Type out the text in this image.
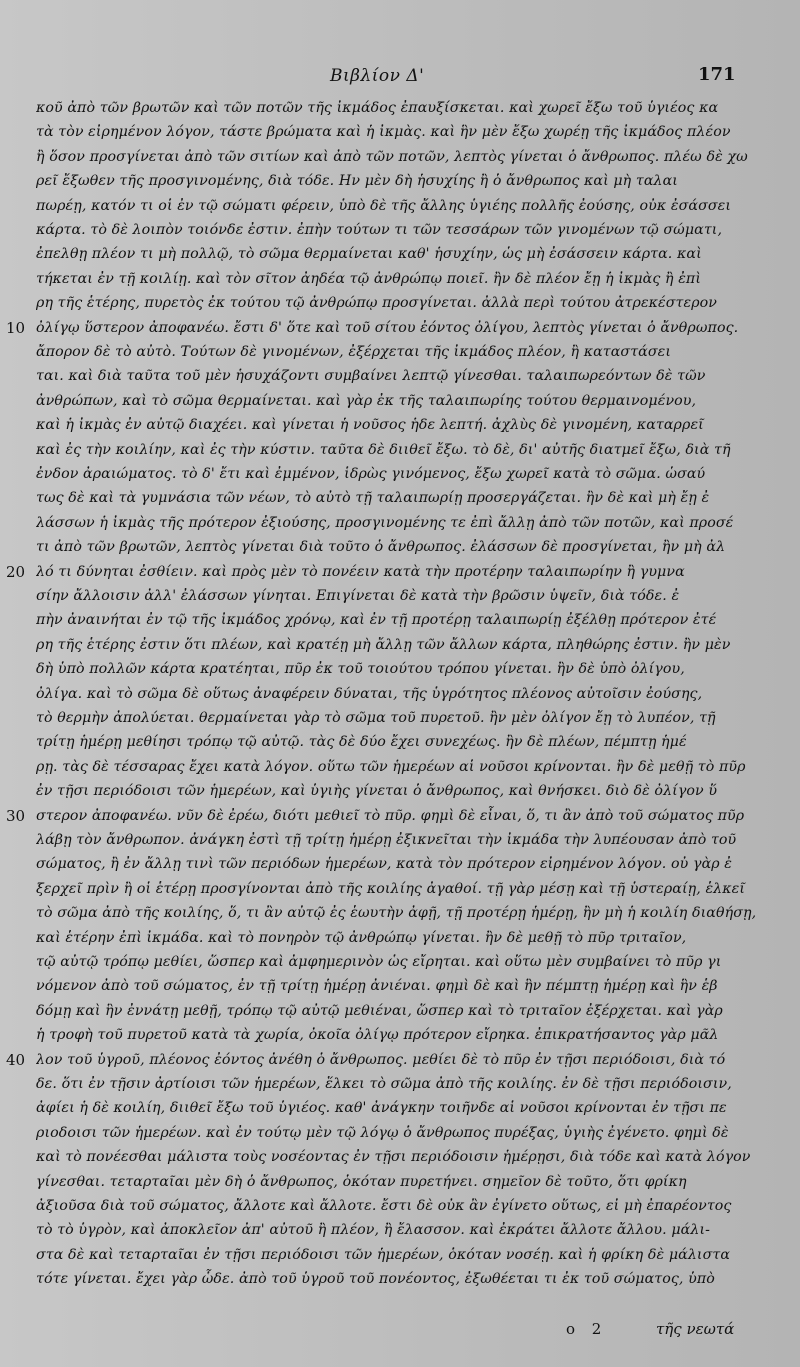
Βιβλίον Δ'	171
κοῦ ἀπὸ τῶν βρωτῶν καὶ τῶν ποτῶν τῆς ἰκμάδος ἐπαυξίσκεται. καὶ χωρεῖ ἔξω τοῦ ὑγιέος κα
τὰ τὸν εἰρημένον λόγον, τάστε βρώματα καὶ ἡ ἰκμὰς. καὶ ἣν μὲν ἔξω χωρέῃ τῆς ἰκμάδος πλέον
ἢ ὅσον προσγίνεται ἀπὸ τῶν σιτίων καὶ ἀπὸ τῶν ποτῶν, λεπτὸς γίνεται ὁ ἄνθρωπος. πλέω δὲ χω
ρεῖ ἔξωθεν τῆς προσγινομένης, διὰ τόδε. Ην μὲν δὴ ἡσυχίης ἢ ὁ ἄνθρωπος καὶ μὴ ταλαι
πωρέῃ, κατόν τι οἱ ἐν τῷ σώματι φέρειν, ὑπὸ δὲ τῆς ἄλλης ὑγιέης πολλῆς ἐούσης, οὐκ ἐσάσσει
κάρτα. τὸ δὲ λοιπὸν τοιόνδε ἐστιν. ἐπὴν τούτων τι τῶν τεσσάρων τῶν γινομένων τῷ σώματι,
ἐπελθῃ πλέον τι μὴ πολλῷ, τὸ σῶμα θερμαίνεται καθ' ἡσυχίην, ὡς μὴ ἐσάσσειν κάρτα. καὶ
τήκεται ἐν τῇ κοιλίῃ. καὶ τὸν σῖτον ἀηδέα τῷ ἀνθρώπῳ ποιεῖ. ἢν δὲ πλέον ἔῃ ἡ ἰκμὰς ἢ ἐπὶ
ρη τῆς ἑτέρης, πυρετὸς ἐκ τούτου τῷ ἀνθρώπῳ προσγίνεται. ἀλλὰ περὶ τούτου ἀτρεκέστερον
ὀλίγῳ ὕστερον ἀποφανέω. ἔστι δ' ὅτε καὶ τοῦ σίτου ἐόντος ὀλίγου, λεπτὸς γίνεται ὁ ἄνθρωπος.
ἄπορον δὲ τὸ αὐτὸ. Τούτων δὲ γινομένων, ἐξέρχεται τῆς ἰκμάδος πλέον, ἢ καταστάσει
ται. καὶ διὰ ταῦτα τοῦ μὲν ἡσυχάζοντι συμβαίνει λεπτῷ γίνεσθαι. ταλαιπωρεόντων δὲ τῶν
ἀνθρώπων, καὶ τὸ σῶμα θερμαίνεται. καὶ γὰρ ἐκ τῆς ταλαιπωρίης τούτου θερμαινομένου,
καὶ ἡ ἰκμὰς ἐν αὐτῷ διαχέει. καὶ γίνεται ἡ νοῦσος ἡδε λεπτή. ἀχλὺς δὲ γινομένη, καταρρεῖ
καὶ ἐς τὴν κοιλίην, καὶ ἐς τὴν κύστιν. ταῦτα δὲ διιθεῖ ἔξω. τὸ δὲ, δι' αὐτῆς διατμεῖ ἔξω, διὰ τῆ
ἐνδον ἀραιώματος. τὸ δ' ἔτι καὶ ἐμμένον, ἱδρὼς γινόμενος, ἔξω χωρεῖ κατὰ τὸ σῶμα. ὡσαύ
τως δὲ καὶ τὰ γυμνάσια τῶν νέων, τὸ αὐτὸ τῇ ταλαιπωρίῃ προσεργάζεται. ἢν δὲ καὶ μὴ ἔῃ ἐ
λάσσων ἡ ἰκμὰς τῆς πρότερον ἐξιούσης, προσγινομένης τε ἐπὶ ἄλλῃ ἀπὸ τῶν ποτῶν, καὶ προσέ
τι ἀπὸ τῶν βρωτῶν, λεπτὸς γίνεται διὰ τοῦτο ὁ ἄνθρωπος. ἐλάσσων δὲ προσγίνεται, ἢν μὴ ἀλ
λό τι δύνηται ἐσθίειν. καὶ πρὸς μὲν τὸ πονέειν κατὰ τὴν προτέρην ταλαιπωρίην ἢ γυμνα
σίην ἄλλοισιν ἀλλ' ἐλάσσων γίνηται. Επιγίνεται δὲ κατὰ τὴν βρῶσιν ὑψεῖν, διὰ τόδε. ἐ
πὴν ἀναινήται ἐν τῷ τῆς ἰκμάδος χρόνῳ, καὶ ἐν τῇ προτέρῃ ταλαιπωρίῃ ἐξέλθῃ πρότερον ἐτέ
ρη τῆς ἑτέρης ἐστιν ὅτι πλέων, καὶ κρατέῃ μὴ ἄλλῃ τῶν ἄλλων κάρτα, πληθώρης ἐστιν. ἢν μὲν
δὴ ὑπὸ πολλῶν κάρτα κρατέηται, πῦρ ἐκ τοῦ τοιούτου τρόπου γίνεται. ἢν δὲ ὑπὸ ὀλίγου,
ὀλίγα. καὶ τὸ σῶμα δὲ οὕτως ἀναφέρειν δύναται, τῆς ὑγρότητος πλέονος αὐτοῖσιν ἐούσης,
τὸ θερμὴν ἀπολύεται. θερμαίνεται γὰρ τὸ σῶμα τοῦ πυρετοῦ. ἢν μὲν ὀλίγον ἔῃ τὸ λυπέον, τῇ
τρίτῃ ἡμέρῃ μεθίησι τρόπῳ τῷ αὐτῷ. τὰς δὲ δύο ἔχει συνεχέως. ἢν δὲ πλέων, πέμπτῃ ἡμέ
ρῃ. τὰς δὲ τέσσαρας ἔχει κατὰ λόγον. οὕτω τῶν ἡμερέων αἱ νοῦσοι κρίνονται. ἢν δὲ μεθῇ τὸ πῦρ
ἐν τῇσι περιόδοισι τῶν ἡμερέων, καὶ ὑγιὴς γίνεται ὁ ἄνθρωπος, καὶ θνήσκει. διὸ δὲ ὀλίγον ὕ
στερον ἀποφανέω. νῦν δὲ ἐρέω, διότι μεθιεῖ τὸ πῦρ. φημὶ δὲ εἶναι, ὅ, τι ἂν ἀπὸ τοῦ σώματος πῦρ
λάβῃ τὸν ἄνθρωπον. ἀνάγκη ἐστὶ τῇ τρίτῃ ἡμέρῃ ἐξικνεῖται τὴν ἰκμάδα τὴν λυπέουσαν ἀπὸ τοῦ
σώματος, ἢ ἐν ἄλλῃ τινὶ τῶν περιόδων ἡμερέων, κατὰ τὸν πρότερον εἰρημένον λόγον. οὐ γὰρ ἐ
ξερχεῖ πρὶν ἢ οἱ ἑτέρῃ προσγίνονται ἀπὸ τῆς κοιλίης ἀγαθοί. τῇ γὰρ μέσῃ καὶ τῇ ὑστεραίῃ, ἑλκεῖ
τὸ σῶμα ἀπὸ τῆς κοιλίης, ὅ, τι ἂν αὐτῷ ἐς ἑωυτὴν ἀφῇ, τῇ προτέρῃ ἡμέρῃ, ἢν μὴ ἡ κοιλίη διαθήσῃ,
καὶ ἑτέρην ἐπὶ ἰκμάδα. καὶ τὸ πονηρὸν τῷ ἀνθρώπῳ γίνεται. ἢν δὲ μεθῇ τὸ πῦρ τριταῖον,
τῷ αὐτῷ τρόπῳ μεθίει, ὥσπερ καὶ ἀμφημερινὸν ὡς εἴρηται. καὶ οὕτω μὲν συμβαίνει τὸ πῦρ γι
νόμενον ἀπὸ τοῦ σώματος, ἐν τῇ τρίτῃ ἡμέρῃ ἀνιέναι. φημὶ δὲ καὶ ἣν πέμπτῃ ἡμέρῃ καὶ ἣν ἑβ
δόμῃ καὶ ἣν ἐννάτῃ μεθῇ, τρόπῳ τῷ αὐτῷ μεθιέναι, ὥσπερ καὶ τὸ τριταῖον ἐξέρχεται. καὶ γὰρ
ἡ τροφὴ τοῦ πυρετοῦ κατὰ τὰ χωρία, ὀκοῖα ὀλίγῳ πρότερον εἴρηκα. ἐπικρατήσαντος γὰρ μᾶλ
λον τοῦ ὑγροῦ, πλέονος ἐόντος ἀνέθη ὁ ἄνθρωπος. μεθίει δὲ τὸ πῦρ ἐν τῇσι περιόδοισι, διὰ τό
δε. ὅτι ἐν τῇσιν ἀρτίοισι τῶν ἡμερέων, ἕλκει τὸ σῶμα ἀπὸ τῆς κοιλίης. ἐν δὲ τῇσι περιόδοισιν,
ἀφίει ἡ δὲ κοιλίη, διιθεῖ ἔξω τοῦ ὑγιέος. καθ' ἀνάγκην τοιῆνδε αἱ νοῦσοι κρίνονται ἐν τῇσι πε
ριοδοισι τῶν ἡμερέων. καὶ ἐν τούτῳ μὲν τῷ λόγῳ ὁ ἄνθρωπος πυρέξας, ὑγιὴς ἐγένετο. φημὶ δὲ
καὶ τὸ πονέεσθαι μάλιστα τοὺς νοσέοντας ἐν τῇσι περιόδοισιν ἡμέρῃσι, διὰ τόδε καὶ κατὰ λόγον
γίνεσθαι. τεταρταῖαι μὲν δὴ ὁ ἄνθρωπος, ὁκόταν πυρετήνει. σημεῖον δὲ τοῦτο, ὅτι φρίκη
ἀξιοῦσα διὰ τοῦ σώματος, ἄλλοτε καὶ ἄλλοτε. ἔστι δὲ οὐκ ἂν ἐγίνετο οὕτως, εἰ μὴ ἐπαρέοντος
τὸ τὸ ὑγρὸν, καὶ ἀποκλεῖον ἀπ' αὐτοῦ ἢ πλέον, ἢ ἔλασσον. καὶ ἐκράτει ἄλλοτε ἄλλου. μάλι-
στα δὲ καὶ τεταρταῖαι ἐν τῇσι περιόδοισι τῶν ἡμερέων, ὁκόταν νοσέῃ. καὶ ἡ φρίκη δὲ μάλιστα
τότε γίνεται. ἔχει γὰρ ὧδε. ἀπὸ τοῦ ὑγροῦ τοῦ πονέοντος, ἐξωθέεται τι ἐκ τοῦ σώματος, ὑπὸ
10
20
30
40
o 2	τῆς νεωτά
